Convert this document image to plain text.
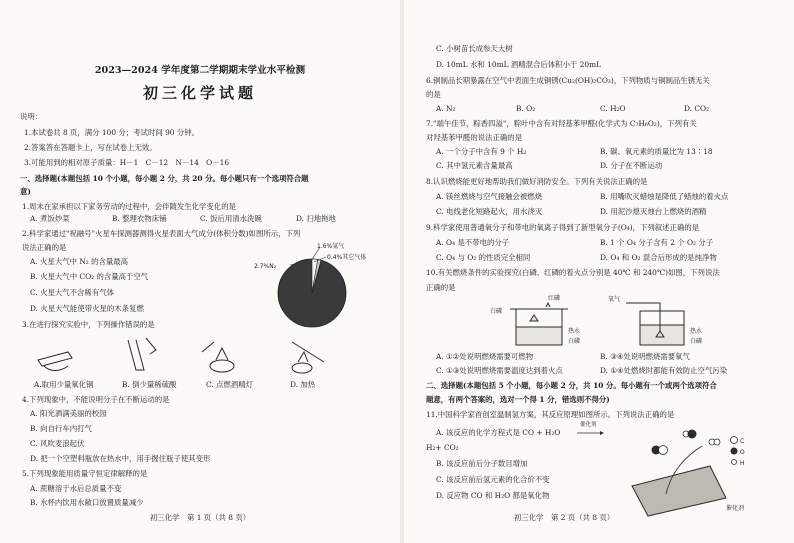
2023—2024 学年度第二学期期末学业水平检测
初三化学试题
说明：
1.本试卷共 8 页，满分 100 分；考试时间 90 分钟。
2.答案答在答题卡上，写在试卷上无效。
3.可能用到的相对原子质量：H－1　C－12　N－14　O－16
一、选择题(本题包括 10 个小题，每小题 2 分，共 20 分。每小题只有一个选项符合题
意)
1.周末在家承担以下家务劳动的过程中，会伴随发生化学变化的是
A. 煮饭炒菜	B. 整理衣物床铺	C. 饭后用清水洗碗	D. 扫地拖地
2.科学家通过"祝融号"火星车探测器测得火星表面大气成分(体积分数)如图所示，下列
说法正确的是
A. 火星大气中 N₂ 的含量最高
B. 火星大气中 CO₂ 的含量高于空气
C. 火星大气不含稀有气体
D. 火星大气能使带火星的木条复燃
1.6%氩气
0.4%其它气体
2.7%N₂
3.在进行探究实验中，下列操作错误的是
A.取用少量氧化铜	B. 倒少量稀硫酸	C. 点燃酒精灯	D. 加热
4.下列现象中，不能说明分子在不断运动的是
A. 阳光洒满美丽的校园
B. 向自行车内打气
C. 风吹麦浪起伏
D. 把一个空塑料瓶放在热水中，用手握住瓶子使其变形
5.下列现象能用质量守恒定律解释的是
A. 蔗糖溶于水后总质量不变
B. 水杯内饮用水敞口放置质量减少
初三化学　第 1 页（共 8 页）
C. 小树苗长成参天大树
D. 10mL 水和 10mL 酒精混合后体积小于 20mL
6.铜制品长期暴露在空气中表面生成铜锈(Cu₂(OH)₂CO₃)，下列物质与铜制品生锈无关
的是
A. N₂	B. O₂	C. H₂O	D. CO₂
7."端午佳节，粽香四溢"，粽叶中含有对羟基苯甲醛(化学式为 C₇H₆O₂)，下列有关
对羟基苯甲醛的说法正确的是
A. 一个分子中含有 9 个 H₂	B. 碳、氧元素的质量比为 13∶18
C. 其中氢元素含量最高	D. 分子在不断运动
8.认识燃烧能更好地帮助我们做好消防安全。下列有关说法正确的是
A. 镁丝燃烧与空气接触会被燃烧	B. 用嘴吹灭蜡烛是降低了蜡烛的着火点
C. 电线老化短路起火，用水浇灭	D. 用泥沙熄灭烛台上燃烧的酒精
9.科学家使用普通氧分子和带电的氧离子得到了新型氧分子(O₄)，下列叙述正确的是
A. O₄ 是不带电的分子	B. 1 个 O₄ 分子含有 2 个 O₂ 分子
C. O₄ 与 O₂ 的性质完全相同	D. O₄ 和 O₂ 混合后形成的是纯净物
10.有关燃烧条件的实验探究(白磷、红磷的着火点分别是 40℃ 和 240℃)如图，下列说法
正确的是
红磷
白磷
热水
白磷
氧气
热水
白磷
A. ①②处说明燃烧需要可燃物	B. ③④处说明燃烧需要氧气
C. ①③处说明燃烧需要温度达到着火点	D. ①④处燃烧时都能有效防止空气污染
二、选择题(本题包括 5 个小题，每小题 2 分，共 10 分。每小题有一个或两个选项符合
题意，有两个答案的，选对一个得 1 分，错选则不得分)
11.中国科学家首创室温制氢方案，其反应原理如图所示。下列说法正确的是
A. 该反应的化学方程式是 CO + H₂O
催化剂
H₂+ CO₂
B. 该反应前后分子数目增加
C. 该反应前后氢元素的化合价不变
D. 反应物 CO 和 H₂O 都是氧化物
C
O
H
催化剂
初三化学　第 2 页（共 8 页）
